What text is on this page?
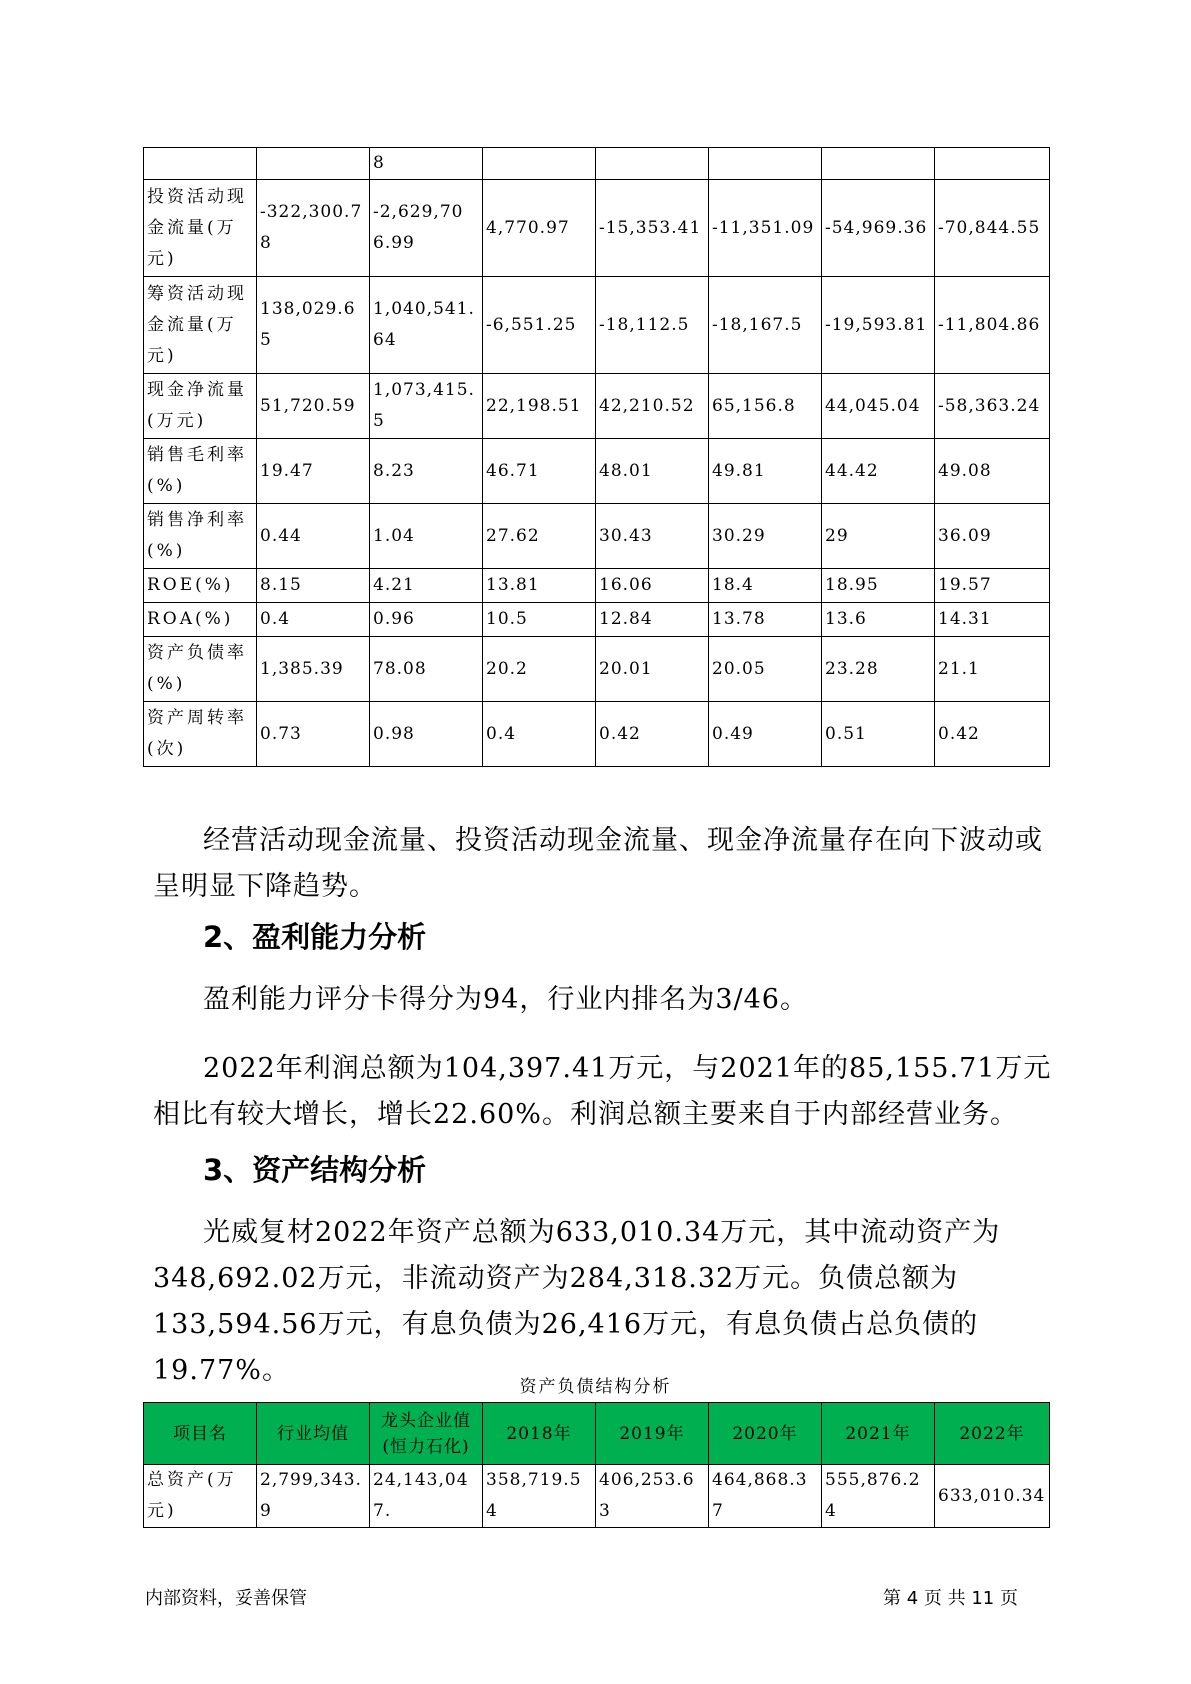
		8					
投资活动现金流量(万元)	-322,300.78	-2,629,706.99	4,770.97	-15,353.41	-11,351.09	-54,969.36	-70,844.55
筹资活动现金流量(万元)	138,029.65	1,040,541.64	-6,551.25	-18,112.5	-18,167.5	-19,593.81	-11,804.86
现金净流量(万元)	51,720.59	1,073,415.5	22,198.51	42,210.52	65,156.8	44,045.04	-58,363.24
销售毛利率(%)	19.47	8.23	46.71	48.01	49.81	44.42	49.08
销售净利率(%)	0.44	1.04	27.62	30.43	30.29	29	36.09
ROE(%)	8.15	4.21	13.81	16.06	18.4	18.95	19.57
ROA(%)	0.4	0.96	10.5	12.84	13.78	13.6	14.31
资产负债率(%)	1,385.39	78.08	20.2	20.01	20.05	23.28	21.1
资产周转率(次)	0.73	0.98	0.4	0.42	0.49	0.51	0.42

经营活动现金流量、投资活动现金流量、现金净流量存在向下波动或呈明显下降趋势。

2、盈利能力分析

盈利能力评分卡得分为94，行业内排名为3/46。

2022年利润总额为104,397.41万元，与2021年的85,155.71万元相比有较大增长，增长22.60%。利润总额主要来自于内部经营业务。

3、资产结构分析

光威复材2022年资产总额为633,010.34万元，其中流动资产为348,692.02万元，非流动资产为284,318.32万元。负债总额为133,594.56万元，有息负债为26,416万元，有息负债占总负债的19.77%。

资产负债结构分析
项目名	行业均值	龙头企业值(恒力石化)	2018年	2019年	2020年	2021年	2022年
总资产(万元)	2,799,343.9	24,143,047.	358,719.54	406,253.63	464,868.37	555,876.24	633,010.34
内部资料，妥善保管	第 4 页 共 11 页
